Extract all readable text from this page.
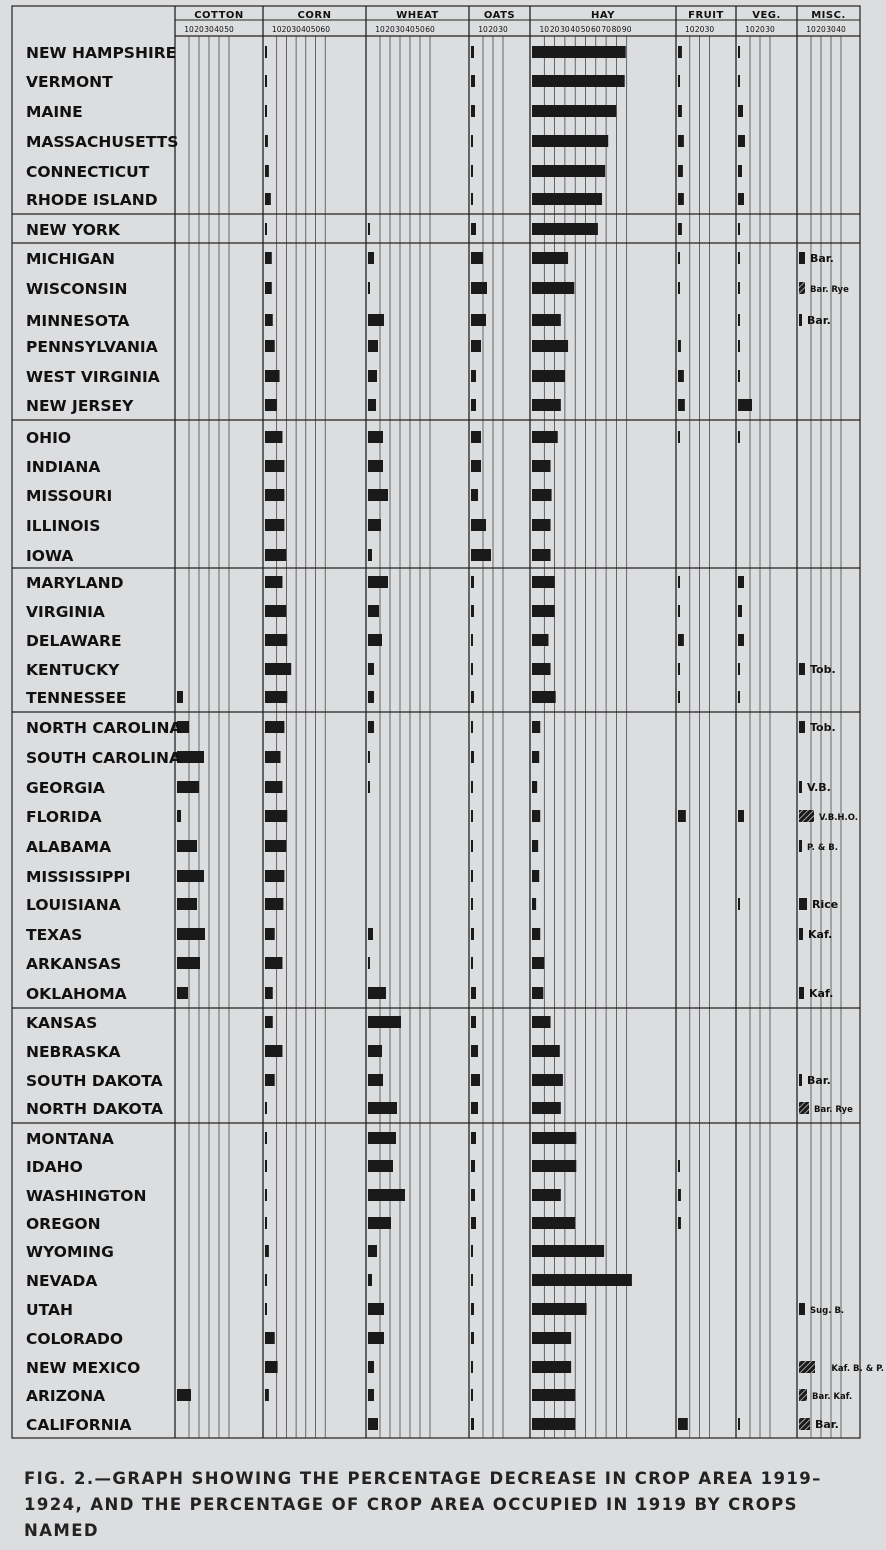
COTTON
10 20 30 40 50
CORN
10 20 30 40 50 60
WHEAT
10 20 30 40 50 60
OATS
10 20 30
HAY
10 20 30 40 50 60 70 80 90
FRUIT
10 20 30
VEG.
10 20 30
MISC.
10 20 30 40
NEW HAMPSHIRE
VERMONT
MAINE
MASSACHUSETTS
CONNECTICUT
RHODE ISLAND
NEW YORK
MICHIGAN	Bar.
WISCONSIN	Bar. Rye
MINNESOTA	Bar.
PENNSYLVANIA
WEST VIRGINIA
NEW JERSEY
OHIO
INDIANA
MISSOURI
ILLINOIS
IOWA
MARYLAND
VIRGINIA
DELAWARE
KENTUCKY	Tob.
TENNESSEE
NORTH CAROLINA	Tob.
SOUTH CAROLINA
GEORGIA	V.B.
FLORIDA	V.B.H.O.
ALABAMA	P. & B.
MISSISSIPPI
LOUISIANA	Rice
TEXAS	Kaf.
ARKANSAS
OKLAHOMA	Kaf.
KANSAS
NEBRASKA
SOUTH DAKOTA	Bar.
NORTH DAKOTA	Bar. Rye
MONTANA
IDAHO
WASHINGTON
OREGON
WYOMING
NEVADA
UTAH	Sug. B.
COLORADO
NEW MEXICO	Kaf. B. & P.
ARIZONA	Bar. Kaf.
CALIFORNIA	Bar.
FIG. 2.—GRAPH SHOWING THE PERCENTAGE DECREASE IN CROP AREA 1919–1924, AND THE PERCENTAGE OF CROP AREA OCCUPIED IN 1919 BY CROPS NAMED
